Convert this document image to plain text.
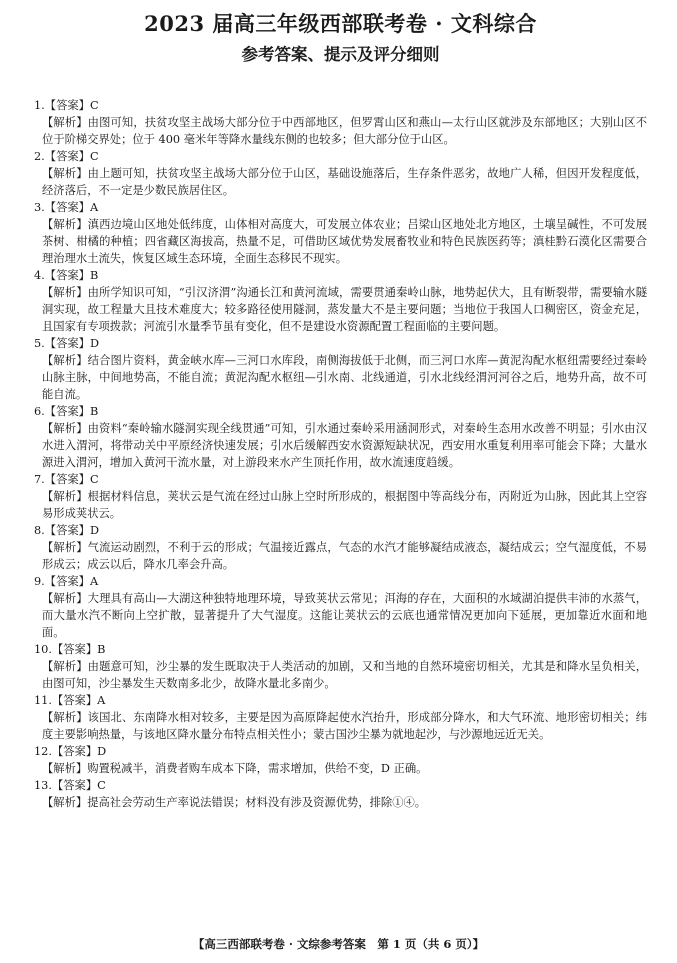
2023 届高三年级西部联考卷 · 文科综合
参考答案、提示及评分细则

1.【答案】C

【解析】由图可知，扶贫攻坚主战场大部分位于中西部地区，但罗霄山区和燕山—太行山区就涉及东部地区；大别山区不位于阶梯交界处；位于 400 毫米年等降水量线东侧的也较多；但大部分位于山区。

2.【答案】C

【解析】由上题可知，扶贫攻坚主战场大部分位于山区，基础设施落后，生存条件恶劣，故地广人稀，但因开发程度低，经济落后，不一定是少数民族居住区。

3.【答案】A

【解析】滇西边境山区地处低纬度，山体相对高度大，可发展立体农业；吕梁山区地处北方地区，土壤呈碱性，不可发展茶树、柑橘的种植；四省藏区海拔高，热量不足，可借助区域优势发展畜牧业和特色民族医药等；滇桂黔石漠化区需要合理治理水土流失，恢复区域生态环境，全面生态移民不现实。

4.【答案】B

【解析】由所学知识可知，“引汉济渭”沟通长江和黄河流域，需要贯通秦岭山脉，地势起伏大，且有断裂带，需要输水隧洞实现，故工程量大且技术难度大；较多路径使用隧洞，蒸发量大不是主要问题；当地位于我国人口稠密区，资金充足，且国家有专项拨款；河流引水量季节虽有变化，但不是建设水资源配置工程面临的主要问题。

5.【答案】D

【解析】结合图片资料，黄金峡水库—三河口水库段，南侧海拔低于北侧，而三河口水库—黄泥沟配水枢纽需要经过秦岭山脉主脉，中间地势高，不能自流；黄泥沟配水枢纽—引水南、北线通道，引水北线经渭河河谷之后，地势升高，故不可能自流。

6.【答案】B

【解析】由资料“秦岭输水隧洞实现全线贯通”可知，引水通过秦岭采用涵洞形式，对秦岭生态用水改善不明显；引水由汉水进入渭河，将带动关中平原经济快速发展；引水后缓解西安水资源短缺状况，西安用水重复利用率可能会下降；大量水源进入渭河，增加入黄河干流水量，对上游段来水产生顶托作用，故水流速度趋缓。

7.【答案】C

【解析】根据材料信息，荚状云是气流在经过山脉上空时所形成的，根据图中等高线分布，丙附近为山脉，因此其上空容易形成荚状云。

8.【答案】D

【解析】气流运动剧烈，不利于云的形成；气温接近露点，气态的水汽才能够凝结成液态，凝结成云；空气湿度低，不易形成云；成云以后，降水几率会升高。

9.【答案】A

【解析】大理具有高山—大湖这种独特地理环境，导致荚状云常见；洱海的存在，大面积的水域湖泊提供丰沛的水蒸气，而大量水汽不断向上空扩散，显著提升了大气湿度。这能让荚状云的云底也通常情况更加向下延展，更加靠近水面和地面。

10.【答案】B

【解析】由题意可知，沙尘暴的发生既取决于人类活动的加剧，又和当地的自然环境密切相关，尤其是和降水呈负相关，由图可知，沙尘暴发生天数南多北少，故降水量北多南少。

11.【答案】A

【解析】该国北、东南降水相对较多，主要是因为高原降起使水汽抬升，形成部分降水，和大气环流、地形密切相关；纬度主要影响热量，与该地区降水量分布特点相关性小；蒙古国沙尘暴为就地起沙，与沙源地远近无关。

12.【答案】D

【解析】购置税减半，消费者购车成本下降，需求增加，供给不变，D 正确。

13.【答案】C

【解析】提高社会劳动生产率说法错误；材料没有涉及资源优势，排除①④。

【高三西部联考卷 · 文综参考答案　第 1 页（共 6 页）】
